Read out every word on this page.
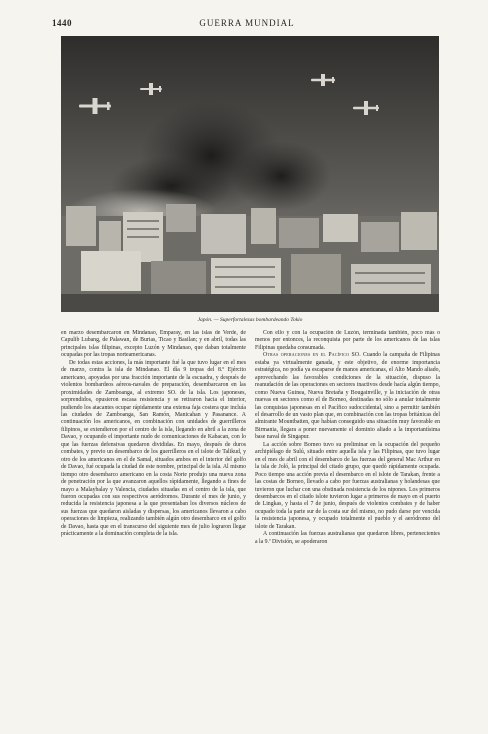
1440	GUERRA MUNDIAL
Japón. — Superfortalezas bombardeando Tokio

en marzo desembarcaron en Mindanao, Emparay, en las islas de Verde, de Capulib Lubang, de Palawan, de Burias, Ticao y Basilan; y en abril, todas las principales islas filipinas, excepto Luzón y Mindanao, que daban totalmente ocupadas por las tropas norteamericanas.

De todas estas acciones, la más importante fué la que tuvo lugar en el mes de marzo, contra la isla de Mindanao. El día 9 tropas del 8.º Ejército americano, apoyadas por una fracción importante de la escuadra, y después de violentos bombardeos aéreos-navales de preparación, desembarcaron en las proximidades de Zamboanga, al extremo SO. de la isla. Los japoneses, sorprendidos, opusieron escasa resistencia y se retiraron hacia el interior, pudiendo los atacantes ocupar rápidamente una extensa faja costera que incluía las ciudades de Zamboanga, San Ramón, Manicahan y Pasanance. A continuación los americanos, en combinación con unidades de guerrilleros filipinos, se extendieron por el centro de la isla, llegando en abril a la zona de Davao, y ocupando el importante nudo de comunicaciones de Kabacan, con lo que las fuerzas defensivas quedaron divididas. En mayo, después de duros combates, y previo un desembarco de los guerrilleros en el islote de Talikud, y otro de los americanos en el de Samal, situados ambos en el interior del golfo de Davao, fué ocupada la ciudad de este nombre, principal de la isla. Al mismo tiempo otro desembarco americano en la costa Norte produjo una nueva zona de penetración por la que avanzaron aquellos rápidamente, llegando a fines de mayo a Malaybalay y Valencia, ciudades situadas en el centro de la isla, que fueron ocupadas con sus respectivos aeródromos. Durante el mes de junio, y reducida la resistencia japonesa a la que presentaban los diversos núcleos de sus fuerzas que quedaron aisladas y dispersas, los americanos llevaron a cabo operaciones de limpieza, realizando también algún otro desembarco en el golfo de Davao, hasta que en el transcurso del siguiente mes de julio lograron llegar prácticamente a la dominación completa de la isla.

Con ello y con la ocupación de Luzón, terminada también, poco más o menos por entonces, la reconquista por parte de los americanos de las islas Filipinas quedaba consumada.

Otras operaciones en el Pacífico SO. Cuando la campaña de Filipinas estaba ya virtualmente ganada, y este objetivo, de enorme importancia estratégica, no podía ya escaparse de manos americanas, el Alto Mando aliado, aprovechando las favorables condiciones de la situación, dispuso la reanudación de las operaciones en sectores inactivos desde hacía algún tiempo, como Nueva Guinea, Nueva Bretaña y Bougainville, y la iniciación de otras nuevas en sectores como el de Borneo, destinadas no sólo a anular totalmente las conquistas japonesas en el Pacífico sudoccidental, sino a permitir también el desarrollo de un vasto plan que, en combinación con las tropas británicas del almirante Mountbatten, que habían conseguido una situación muy favorable en Birmania, llegara a poner nuevamente el dominio aliado a la importantísima base naval de Singapur.

La acción sobre Borneo tuvo su preliminar en la ocupación del pequeño archipiélago de Sulú, situado entre aquella isla y las Filipinas, que tuvo lugar en el mes de abril con el desembarco de las fuerzas del general Mac Arthur en la isla de Joló, la principal del citado grupo, que quedó rápidamente ocupada. Poco tiempo una acción previa el desembarco en el islote de Tarakan, frente a las costas de Borneo, llevado a cabo por fuerzas australianas y holandesas que tuvieron que luchar con una obstinada resistencia de los nipones. Los primeros desembarcos en el citado islote tuvieron lugar a primeros de mayo en el puerto de Lingkas, y hasta el 7 de junio, después de violentos combates y de haber ocupado toda la parte sur de la costa sur del mismo, no pudo darse por vencida la resistencia japonesa, y ocupado totalmente el pueblo y el aeródromo del islote de Tarakan.

A continuación las fuerzas australianas que quedaron libres, pertenecientes a la 9.ª División, se apoderaron
